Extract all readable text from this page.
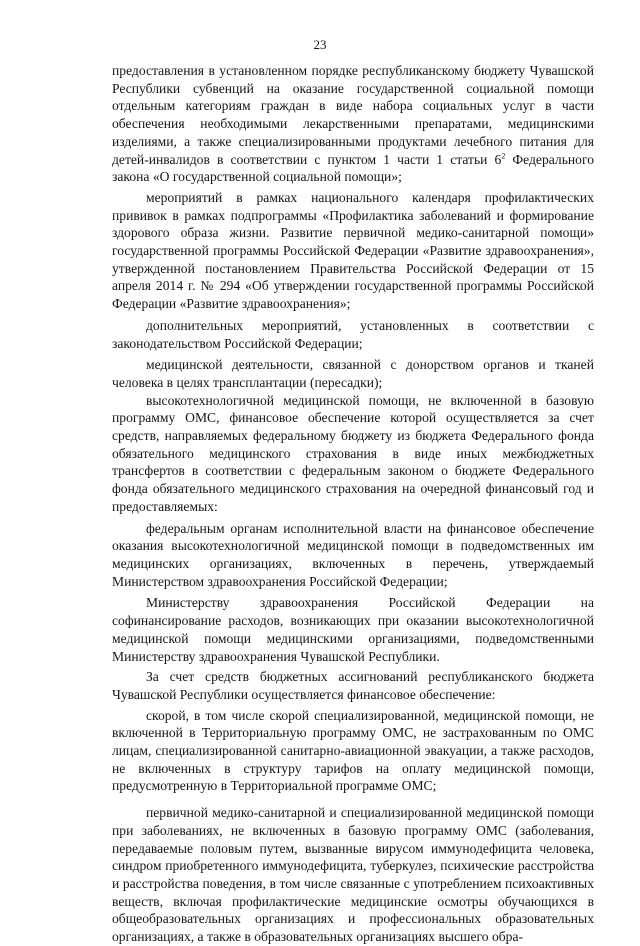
23

предоставления в установленном порядке республиканскому бюджету Чувашской Республики субвенций на оказание государственной социальной помощи отдельным категориям граждан в виде набора социальных услуг в части обеспечения необходимыми лекарственными препаратами, медицинскими изделиями, а также специализированными продуктами лечебного питания для детей-инвалидов в соответствии с пунктом 1 части 1 статьи $6^2$ Федерального закона «О государственной социальной помощи»;

мероприятий в рамках национального календаря профилактических прививок в рамках подпрограммы «Профилактика заболеваний и формирование здорового образа жизни. Развитие первичной медико-санитарной помощи» государственной программы Российской Федерации «Развитие здравоохранения», утвержденной постановлением Правительства Российской Федерации от 15 апреля 2014 г. № 294 «Об утверждении государственной программы Российской Федерации «Развитие здравоохранения»;

дополнительных мероприятий, установленных в соответствии с законодательством Российской Федерации;

медицинской деятельности, связанной с донорством органов и тканей человека в целях трансплантации (пересадки);

высокотехнологичной медицинской помощи, не включенной в базовую программу ОМС, финансовое обеспечение которой осуществляется за счет средств, направляемых федеральному бюджету из бюджета Федерального фонда обязательного медицинского страхования в виде иных межбюджетных трансфертов в соответствии с федеральным законом о бюджете Федерального фонда обязательного медицинского страхования на очередной финансовый год и предоставляемых:

федеральным органам исполнительной власти на финансовое обеспечение оказания высокотехнологичной медицинской помощи в подведомственных им медицинских организациях, включенных в перечень, утверждаемый Министерством здравоохранения Российской Федерации;

Министерству здравоохранения Российской Федерации на софинансирование расходов, возникающих при оказании высокотехнологичной медицинской помощи медицинскими организациями, подведомственными Министерству здравоохранения Чувашской Республики.

За счет средств бюджетных ассигнований республиканского бюджета Чувашской Республики осуществляется финансовое обеспечение:

скорой, в том числе скорой специализированной, медицинской помощи, не включенной в Территориальную программу ОМС, не застрахованным по ОМС лицам, специализированной санитарно-авиационной эвакуации, а также расходов, не включенных в структуру тарифов на оплату медицинской помощи, предусмотренную в Территориальной программе ОМС;

первичной медико-санитарной и специализированной медицинской помощи при заболеваниях, не включенных в базовую программу ОМС (заболевания, передаваемые половым путем, вызванные вирусом иммунодефицита человека, синдром приобретенного иммунодефицита, туберкулез, психические расстройства и расстройства поведения, в том числе связанные с употреблением психоактивных веществ, включая профилактические медицинские осмотры обучающихся в общеобразовательных организациях и профессиональных образовательных организациях, а также в образовательных организациях высшего обра-
